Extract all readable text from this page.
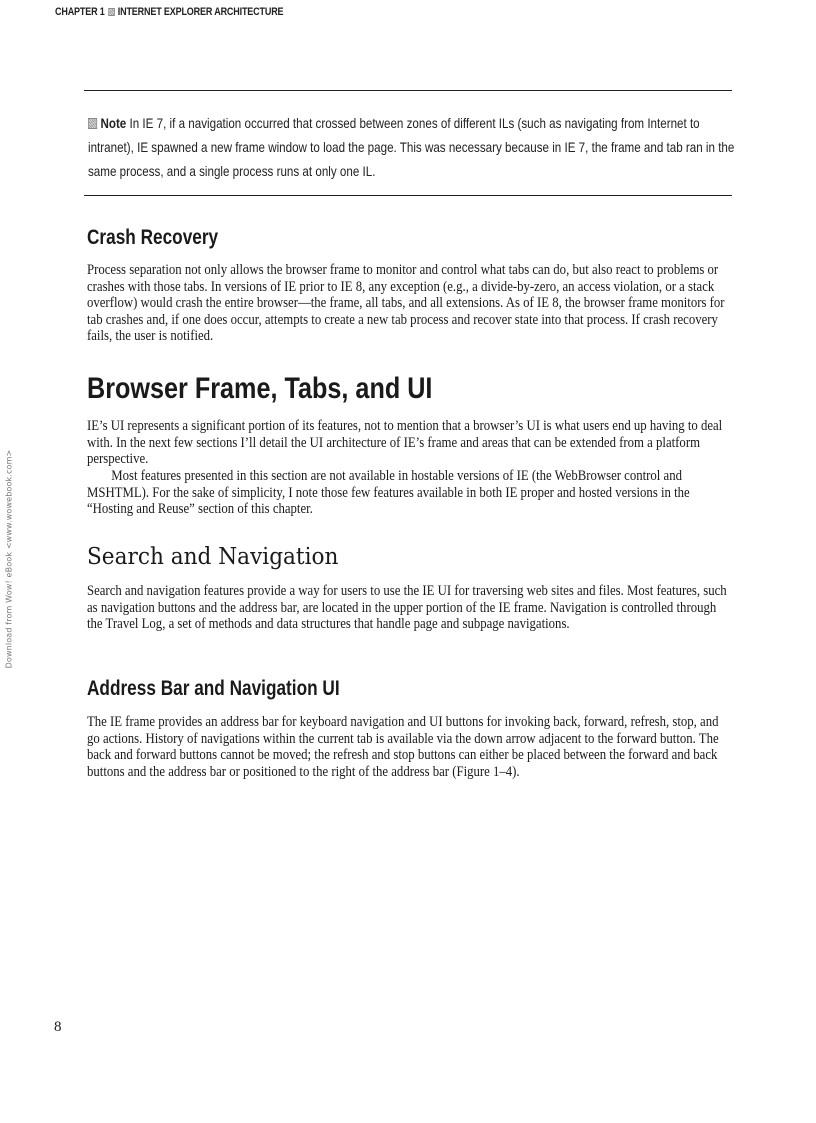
CHAPTER 1 INTERNET EXPLORER ARCHITECTURE
Download from Wow! eBook <www.wowebook.com>
Note In IE 7, if a navigation occurred that crossed between zones of different ILs (such as navigating from Internet to intranet), IE spawned a new frame window to load the page. This was necessary because in IE 7, the frame and tab ran in the same process, and a single process runs at only one IL.
Crash Recovery

Process separation not only allows the browser frame to monitor and control what tabs can do, but also react to problems or crashes with those tabs. In versions of IE prior to IE 8, any exception (e.g., a divide-by-zero, an access violation, or a stack overflow) would crash the entire browser—the frame, all tabs, and all extensions. As of IE 8, the browser frame monitors for tab crashes and, if one does occur, attempts to create a new tab process and recover state into that process. If crash recovery fails, the user is notified.

Browser Frame, Tabs, and UI

IE’s UI represents a significant portion of its features, not to mention that a browser’s UI is what users end up having to deal with. In the next few sections I’ll detail the UI architecture of IE’s frame and areas that can be extended from a platform perspective.

Most features presented in this section are not available in hostable versions of IE (the WebBrowser control and MSHTML). For the sake of simplicity, I note those few features available in both IE proper and hosted versions in the “Hosting and Reuse” section of this chapter.

Search and Navigation

Search and navigation features provide a way for users to use the IE UI for traversing web sites and files. Most features, such as navigation buttons and the address bar, are located in the upper portion of the IE frame. Navigation is controlled through the Travel Log, a set of methods and data structures that handle page and subpage navigations.

Address Bar and Navigation UI

The IE frame provides an address bar for keyboard navigation and UI buttons for invoking back, forward, refresh, stop, and go actions. History of navigations within the current tab is available via the down arrow adjacent to the forward button. The back and forward buttons cannot be moved; the refresh and stop buttons can either be placed between the forward and back buttons and the address bar or positioned to the right of the address bar (Figure 1–4).

8
